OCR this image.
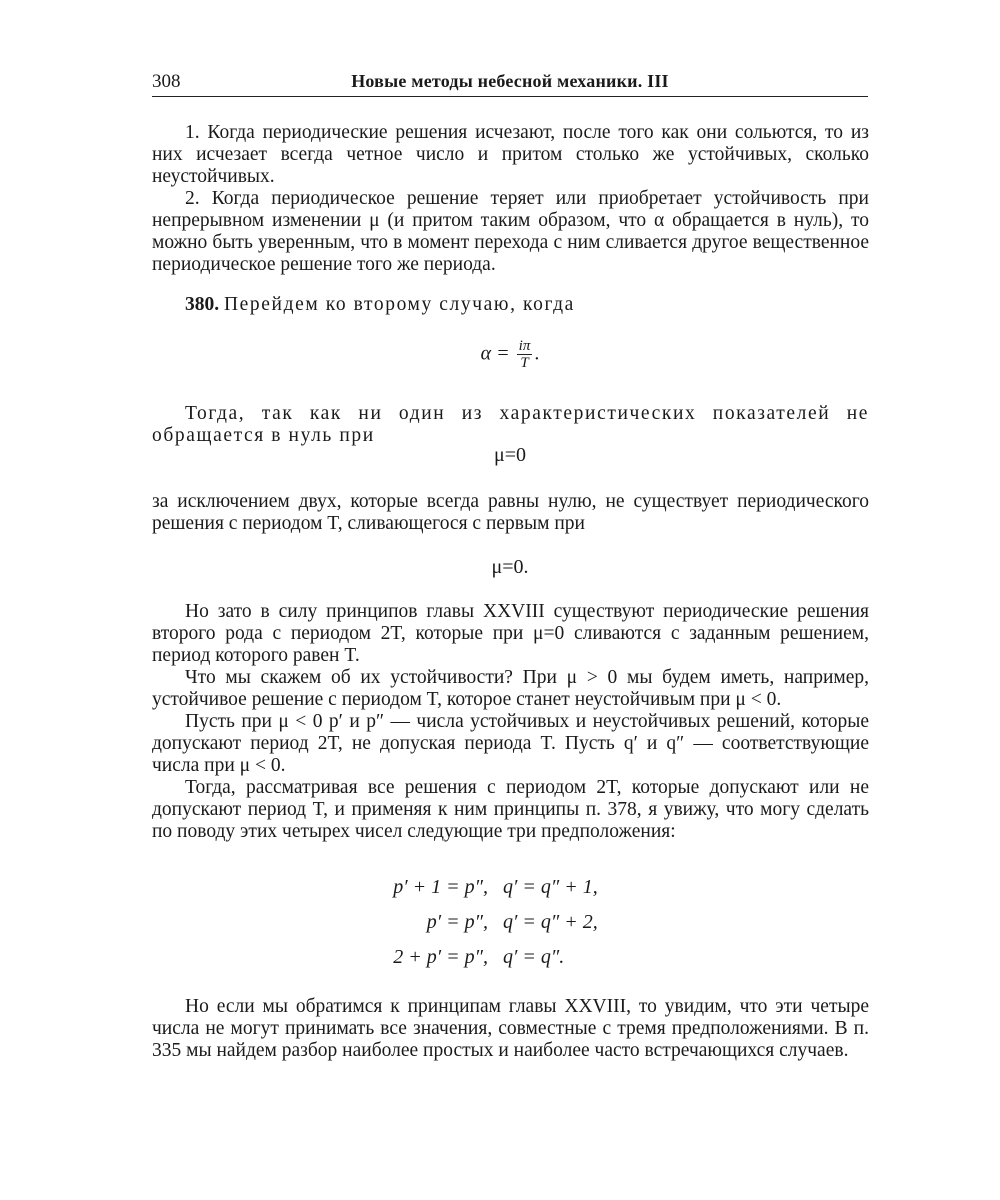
308	Новые методы небесной механики. III

1. Когда периодические решения исчезают, после того как они сольются, то из них исчезает всегда четное число и притом столько же устойчивых, сколько неустойчивых.

2. Когда периодическое решение теряет или приобретает устойчивость при непрерывном изменении μ (и притом таким образом, что α обращается в нуль), то можно быть уверенным, что в момент перехода с ним сливается другое вещественное периодическое решение того же периода.

380. Перейдем ко второму случаю, когда

$\alpha = \frac{i\pi}{T}$ .

Тогда, так как ни один из характеристических показателей не обращается в нуль при

μ=0

за исключением двух, которые всегда равны нулю, не существует периодического решения с периодом T, сливающегося с первым при

μ=0.

Но зато в силу принципов главы XXVIII существуют периодические решения второго рода с периодом 2T, которые при μ=0 сливаются с заданным решением, период которого равен T.

Что мы скажем об их устойчивости? При μ > 0 мы будем иметь, например, устойчивое решение с периодом T, которое станет неустойчивым при μ < 0.

Пусть при μ < 0 p′ и p″ — числа устойчивых и неустойчивых решений, которые допускают период 2T, не допуская периода T. Пусть q′ и q″ — соответствующие числа при μ < 0.

Тогда, рассматривая все решения с периодом 2T, которые допускают или не допускают период T, и применяя к ним принципы п. 378, я увижу, что могу сделать по поводу этих четырех чисел следующие три предположения:

p′ + 1 = p″, q′ = q″ + 1,
p′ = p″, q′ = q″ + 2,
2 + p′ = p″, q′ = q″.

Но если мы обратимся к принципам главы XXVIII, то увидим, что эти четыре числа не могут принимать все значения, совместные с тремя предположениями. В п. 335 мы найдем разбор наиболее простых и наиболее часто встречающихся случаев.
